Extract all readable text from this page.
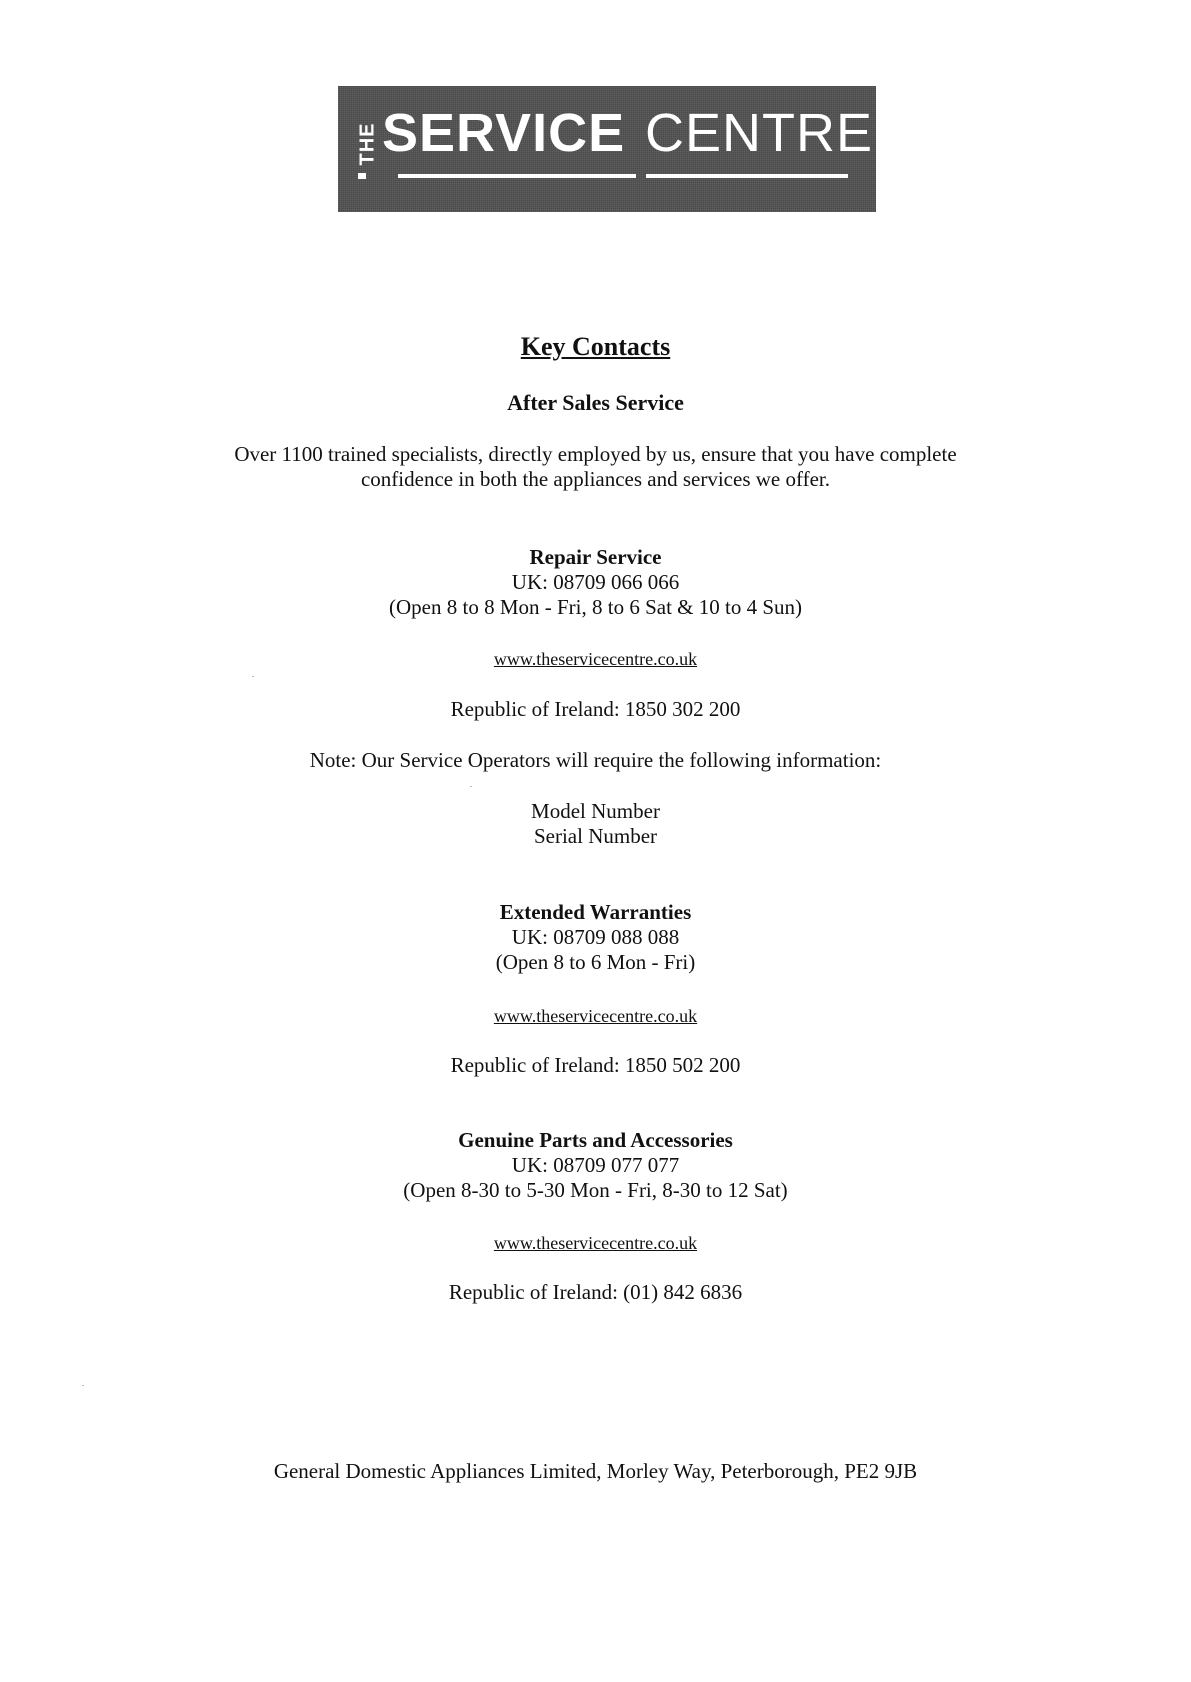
THE SERVICE CENTRE
Key Contacts
After Sales Service
Over 1100 trained specialists, directly employed by us, ensure that you have complete
confidence in both the appliances and services we offer.
Repair Service
UK: 08709 066 066
(Open 8 to 8 Mon - Fri, 8 to 6 Sat & 10 to 4 Sun)
www.theservicecentre.co.uk
Republic of Ireland: 1850 302 200
Note: Our Service Operators will require the following information:
Model Number
Serial Number
Extended Warranties
UK: 08709 088 088
(Open 8 to 6 Mon - Fri)
www.theservicecentre.co.uk
Republic of Ireland: 1850 502 200
Genuine Parts and Accessories
UK: 08709 077 077
(Open 8-30 to 5-30 Mon - Fri, 8-30 to 12 Sat)
www.theservicecentre.co.uk
Republic of Ireland: (01) 842 6836
General Domestic Appliances Limited, Morley Way, Peterborough, PE2 9JB
